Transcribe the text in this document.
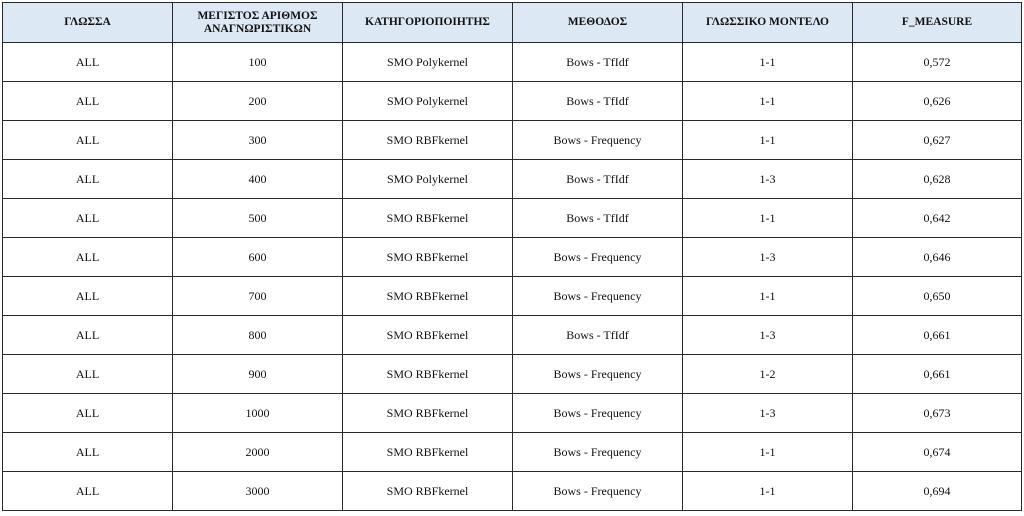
ΓΛΩΣΣΑ	ΜΕΓΙΣΤΟΣ ΑΡΙΘΜΟΣ ΑΝΑΓΝΩΡΙΣΤΙΚΩΝ	ΚΑΤΗΓΟΡΙΟΠΟΙΗΤΗΣ	ΜΕΘΟΔΟΣ	ΓΛΩΣΣΙΚΟ ΜΟΝΤΕΛΟ	F_MEASURE
ALL	100	SMO Polykernel	Bows - TfIdf	1-1	0,572
ALL	200	SMO Polykernel	Bows - TfIdf	1-1	0,626
ALL	300	SMO RBFkernel	Bows - Frequency	1-1	0,627
ALL	400	SMO Polykernel	Bows - TfIdf	1-3	0,628
ALL	500	SMO RBFkernel	Bows - TfIdf	1-1	0,642
ALL	600	SMO RBFkernel	Bows - Frequency	1-3	0,646
ALL	700	SMO RBFkernel	Bows - Frequency	1-1	0,650
ALL	800	SMO RBFkernel	Bows - TfIdf	1-3	0,661
ALL	900	SMO RBFkernel	Bows - Frequency	1-2	0,661
ALL	1000	SMO RBFkernel	Bows - Frequency	1-3	0,673
ALL	2000	SMO RBFkernel	Bows - Frequency	1-1	0,674
ALL	3000	SMO RBFkernel	Bows - Frequency	1-1	0,694
